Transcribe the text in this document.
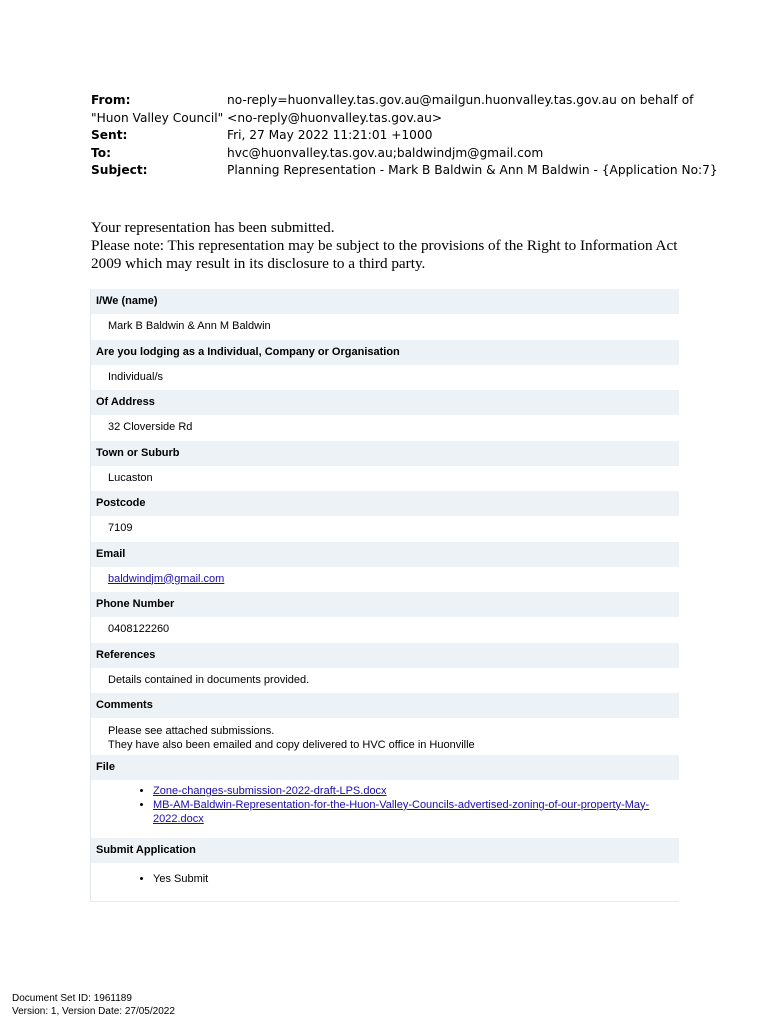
From:	no-reply=huonvalley.tas.gov.au@mailgun.huonvalley.tas.gov.au on behalf of
"Huon Valley Council" <no-reply@huonvalley.tas.gov.au>
Sent:	Fri, 27 May 2022 11:21:01 +1000
To:	hvc@huonvalley.tas.gov.au;baldwindjm@gmail.com
Subject:	Planning Representation - Mark B Baldwin & Ann M Baldwin - {Application No:7}
Your representation has been submitted.
Please note: This representation may be subject to the provisions of the Right to Information Act
2009 which may result in its disclosure to a third party.
I/We (name)
Mark B Baldwin & Ann M Baldwin
Are you lodging as a Individual, Company or Organisation
Individual/s
Of Address
32 Cloverside Rd
Town or Suburb
Lucaston
Postcode
7109
Email
baldwindjm@gmail.com
Phone Number
0408122260
References
Details contained in documents provided.
Comments
Please see attached submissions.
They have also been emailed and copy delivered to HVC office in Huonville
File
• Zone-changes-submission-2022-draft-LPS.docx
• MB-AM-Baldwin-Representation-for-the-Huon-Valley-Councils-advertised-zoning-of-our-property-May-2022.docx
Submit Application
• Yes Submit
Document Set ID: 1961189
Version: 1, Version Date: 27/05/2022
